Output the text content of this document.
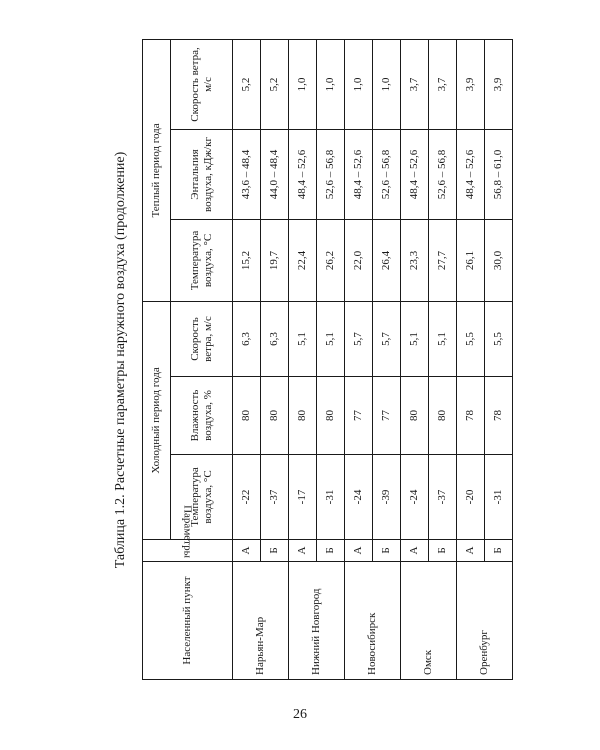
Таблица 1.2. Расчетные параметры наружного воздуха (продолжение)
Населенный пункт	Параметры	Холодный период года			Теплый период года		
		Температура воздуха, °С	Влажность воздуха, %	Скорость ветра, м/с	Температура воздуха, °С	Энтальпия воздуха, кДж/кг	Скорость ветра, м/с
Нарьян-Мар	А	-22	80	6,3	15,2	43,6 – 48,4	5,2
	Б	-37	80	6,3	19,7	44,0 – 48,4	5,2
Нижний Новгород	А	-17	80	5,1	22,4	48,4 – 52,6	1,0
	Б	-31	80	5,1	26,2	52,6 – 56,8	1,0
Новосибирск	А	-24	77	5,7	22,0	48,4 – 52,6	1,0
	Б	-39	77	5,7	26,4	52,6 – 56,8	1,0
Омск	А	-24	80	5,1	23,3	48,4 – 52,6	3,7
	Б	-37	80	5,1	27,7	52,6 – 56,8	3,7
Оренбург	А	-20	78	5,5	26,1	48,4 – 52,6	3,9
	Б	-31	78	5,5	30,0	56,8 – 61,0	3,9
26
